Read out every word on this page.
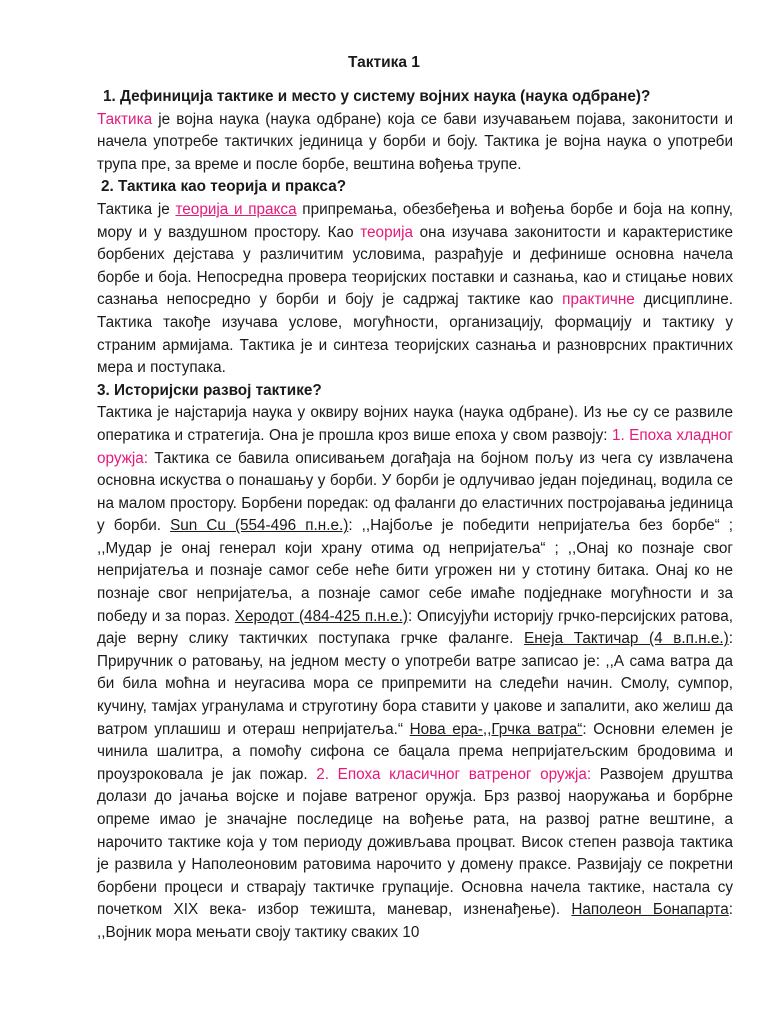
Тактика 1
1. Дефиниција тактике и место у систему војних наука (наука одбране)?

Тактика је војна наука (наука одбране) која се бави изучавањем појава, законитости и начела употребе тактичких јединица у борби и боју. Тактика је војна наука о употреби трупа пре, за време и после борбе, вештина вођења трупе.

2. Тактика као теорија и пракса?

Тактика је теорија и пракса припремања, обезбеђења и вођења борбе и боја на копну, мору и у ваздушном простору. Као теорија она изучава законитости и карактеристике борбених дејстава у различитим условима, разрађује и дефинише основна начела борбе и боја. Непосредна провера теоријских поставки и сазнања, као и стицање нових сазнања непосредно у борби и боју је садржај тактике као практичне дисциплине. Тактика такође изучава услове, могућности, организацију, формацију и тактику у страним армијама. Тактика је и синтеза теоријских сазнања и разноврсних практичних мера и поступака.

3. Историјски развој тактике?

Тактика је најстарија наука у оквиру војних наука (наука одбране). Из ње су се развиле оператика и стратегија. Она је прошла кроз више епоха у свом развоју: 1. Епоха хладног оружја: Тактика се бавила описивањем догађаја на бојном пољу из чега су извлачена основна искуства о понашању у борби. У борби је одлучивао један појединац, водила се на малом простору. Борбени поредак: од фаланги до еластичних постројавања јединица у борби. Sun Cu (554-496 п.н.е.): ,,Најбоље је победити непријатеља без борбе“ ; ,,Мудар је онај генерал који храну отима од непријатеља“ ; ,,Онај ко познаје свог непријатеља и познаје самог себе неће бити угрожен ни у стотину битака. Онај ко не познаје свог непријатеља, а познаје самог себе имаће подједнаке могућности и за победу и за пораз. Херодот (484-425 п.н.е.): Описујући историју грчко-персијских ратова, даје верну слику тактичких поступака грчке фаланге. Енеја Тактичар (4 в.п.н.е.): Приручник о ратовању, на једном месту о употреби ватре записао је: ,,А сама ватра да би била моћна и неугасива мора се припремити на следећи начин. Смолу, сумпор, кучину, тамјах угранулама и струготину бора ставити у џакове и запалити, ако желиш да ватром уплашиш и отераш непријатеља.“ Нова ера-,,Грчка ватра“: Основни елемен је чинила шалитра, а помоћу сифона се бацала према непријатељским бродовима и проузроковала је јак пожар. 2. Епоха класичног ватреног оружја: Развојем друштва долази до јачања војске и појаве ватреног оружја. Брз развој наоружања и борбрне опреме имао је значајне последице на вођење рата, на развој ратне вештине, а нарочито тактике која у том периоду доживљава процват. Висок степен развоја тактика је развила у Наполеоновим ратовима нарочито у домену праксе. Развијају се покретни борбени процеси и стварају тактичке групације. Основна начела тактике, настала су почетком XIX века- избор тежишта, маневар, изненађење). Наполеон Бонапарта: ,,Војник мора мењати своју тактику сваких 10
